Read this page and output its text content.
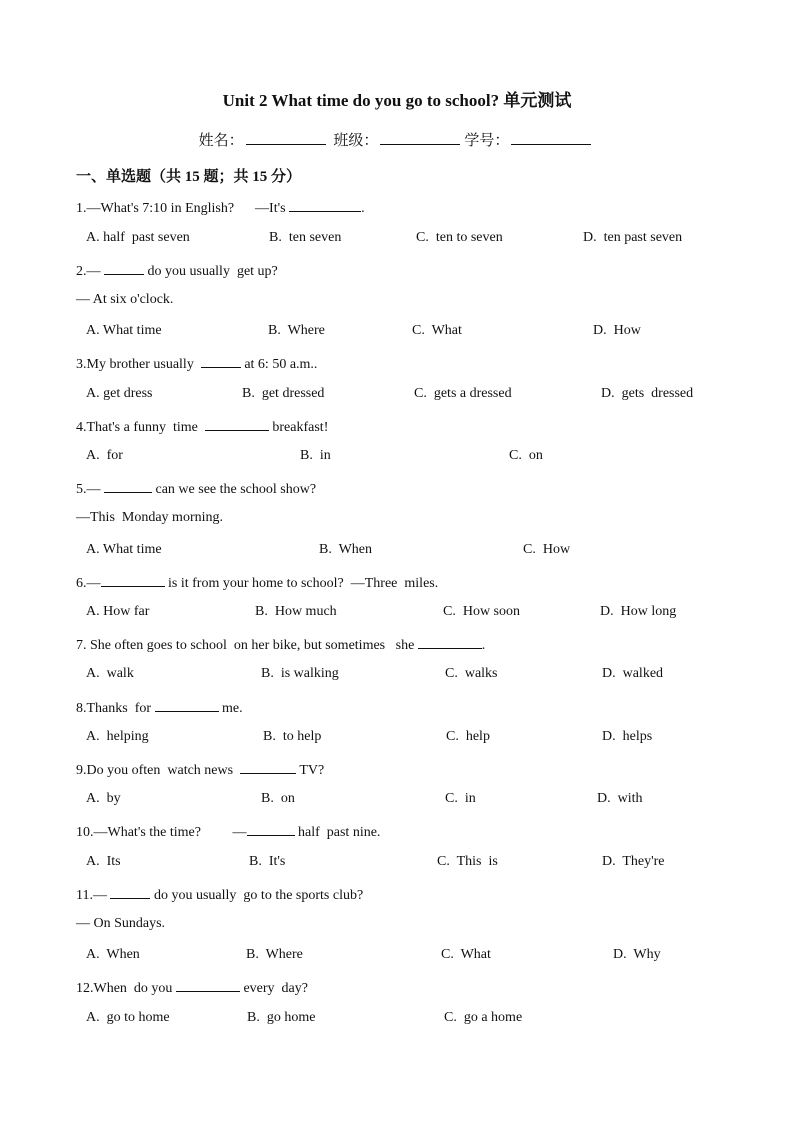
Unit 2 What time do you go to school? 单元测试
姓名：	班级：	学号：
一、单选题（共 15 题；共 15 分）
1.—What's 7:10 in English?      —It's	.
A. half  past seven	B.  ten seven	C.  ten to seven	D.  ten past seven
2.—	do you usually  get up?
— At six o'clock.
A. What time	B.  Where	C.  What	D.  How
3.My brother usually	at 6: 50 a.m..
A. get dress	B.  get dressed	C.  gets a dressed	D.  gets  dressed
4.That's a funny  time	breakfast!
A.  for	B.  in	C.  on
5.—	can we see the school show?
—This  Monday morning.
A. What time	B.  When	C.  How
6.—	is it from your home to school?  —Three  miles.
A. How far	B.  How much	C.  How soon	D.  How long
7. She often goes to school  on her bike, but sometimes   she	.
A.  walk	B.  is walking	C.  walks	D.  walked
8.Thanks  for	me.
A.  helping	B.  to help	C.  help	D.  helps
9.Do you often  watch news	TV?
A.  by	B.  on	C.  in	D.  with
10.—What's the time?         —	half  past nine.
A.  Its	B.  It's	C.  This  is	D.  They're
11.—	do you usually  go to the sports club?
— On Sundays.
A.  When	B.  Where	C.  What	D.  Why
12.When  do you	every  day?
A.  go to home	B.  go home	C.  go a home
